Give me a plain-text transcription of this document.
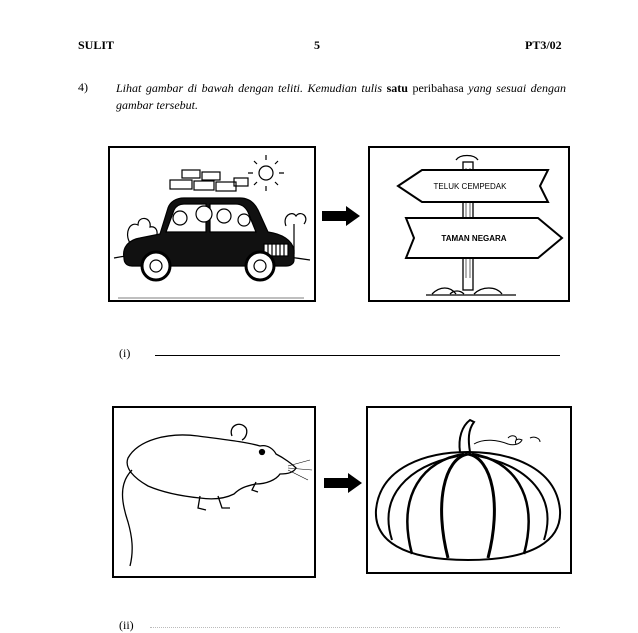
SULIT	5	PT3/02
4) Lihat gambar di bawah dengan teliti. Kemudian tulis satu peribahasa yang sesuai dengan gambar tersebut.
TELUK CEMPEDAK
TAMAN NEGARA
(i)
(ii)
